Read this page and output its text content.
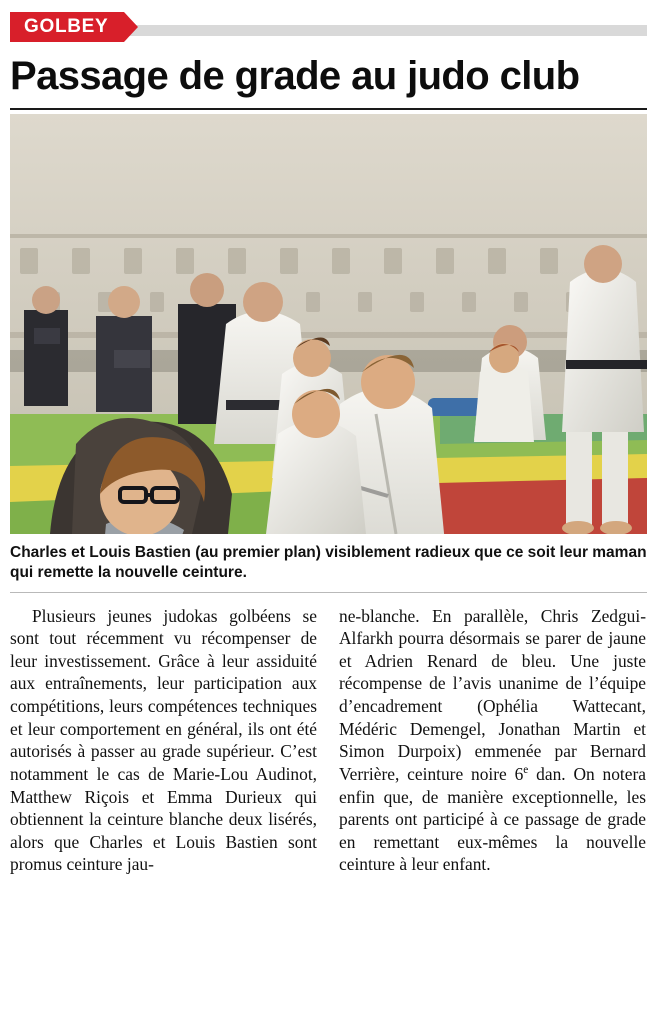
GOLBEY
Passage de grade au judo club
Charles et Louis Bastien (au premier plan) visiblement radieux que ce soit leur maman qui remette la nouvelle ceinture.

Plusieurs jeunes judokas golbéens se sont tout récemment vu récompenser de leur investissement. Grâce à leur assiduité aux entraînements, leur participation aux compétitions, leurs compétences techniques et leur comportement en général, ils ont été autorisés à passer au grade supérieur. C’est notamment le cas de Marie-Lou Audinot, Matthew Riçois et Emma Durieux qui obtiennent la ceinture blanche deux lisérés, alors que Charles et Louis Bastien sont promus ceinture jau-

ne-blanche. En parallèle, Chris Zedgui-Alfarkh pourra désormais se parer de jaune et Adrien Renard de bleu. Une juste récompense de l’avis unanime de l’équipe d’encadrement (Ophélia Wattecant, Médéric Demengel, Jonathan Martin et Simon Durpoix) emmenée par Bernard Verrière, ceinture noire 6e dan. On notera enfin que, de manière exceptionnelle, les parents ont participé à ce passage de grade en remettant eux-mêmes la nouvelle ceinture à leur enfant.
